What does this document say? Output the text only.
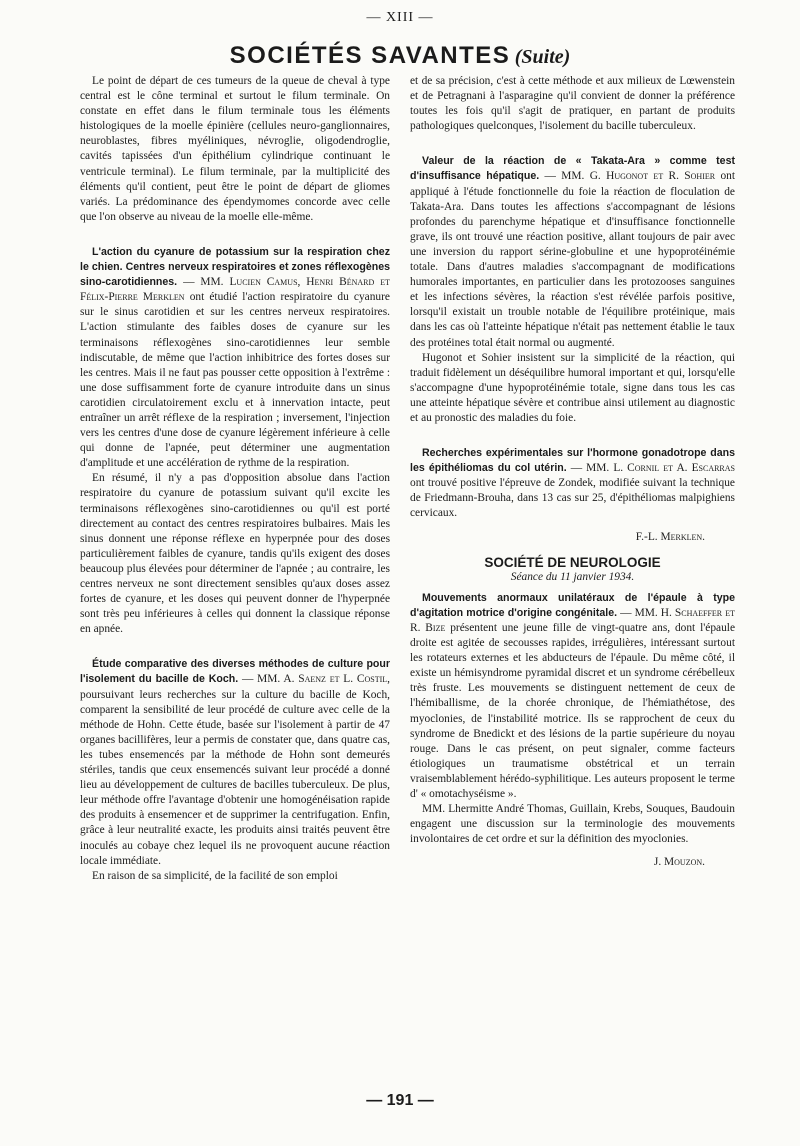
— XIII —
SOCIÉTÉS SAVANTES (Suite)

Le point de départ de ces tumeurs de la queue de cheval à type central est le cône terminal et surtout le filum terminale. On constate en effet dans le filum terminale tous les éléments histologiques de la moelle épinière (cellules neuro-ganglionnaires, neuroblastes, fibres myéliniques, névroglie, oligodendroglie, cavités tapissées d'un épithélium cylindrique continuant le ventricule terminal). Le filum terminale, par la multiplicité des éléments qu'il contient, peut être le point de départ de gliomes variés. La prédominance des épendymomes concorde avec celle que l'on observe au niveau de la moelle elle-même.

L'action du cyanure de potassium sur la respiration chez le chien. Centres nerveux respiratoires et zones réflexogènes sino-carotidiennes. — MM. Lucien Camus, Henri Bénard et Félix-Pierre Merklen ont étudié l'action respiratoire du cyanure sur le sinus carotidien et sur les centres nerveux respiratoires. L'action stimulante des faibles doses de cyanure sur les terminaisons réflexogènes sino-carotidiennes leur semble indiscutable, de même que l'action inhibitrice des fortes doses sur les centres. Mais il ne faut pas pousser cette opposition à l'extrême : une dose suffisamment forte de cyanure introduite dans un sinus carotidien circulatoirement exclu et à innervation intacte, peut entraîner un arrêt réflexe de la respiration ; inversement, l'injection vers les centres d'une dose de cyanure légèrement inférieure à celle qui donne de l'apnée, peut déterminer une augmentation d'amplitude et une accélération de rythme de la respiration.

En résumé, il n'y a pas d'opposition absolue dans l'action respiratoire du cyanure de potassium suivant qu'il excite les terminaisons réflexogènes sino-carotidiennes ou qu'il est porté directement au contact des centres respiratoires bulbaires. Mais les sinus donnent une réponse réflexe en hyperpnée pour des doses particulièrement faibles de cyanure, tandis qu'ils exigent des doses beaucoup plus élevées pour déterminer de l'apnée ; au contraire, les centres nerveux ne sont directement sensibles qu'aux doses assez fortes de cyanure, et les doses qui peuvent donner de l'hyperpnée sont très peu inférieures à celles qui donnent la classique réponse en apnée.

Étude comparative des diverses méthodes de culture pour l'isolement du bacille de Koch. — MM. A. Saenz et L. Costil, poursuivant leurs recherches sur la culture du bacille de Koch, comparent la sensibilité de leur procédé de culture avec celle de la méthode de Hohn. Cette étude, basée sur l'isolement à partir de 47 organes bacillifères, leur a permis de constater que, dans quatre cas, les tubes ensemencés par la méthode de Hohn sont demeurés stériles, tandis que ceux ensemencés suivant leur procédé a donné lieu au développement de cultures de bacilles tuberculeux. De plus, leur méthode offre l'avantage d'obtenir une homogénéisation rapide des produits à ensemencer et de supprimer la centrifugation. Enfin, grâce à leur neutralité exacte, les produits ainsi traités peuvent être inoculés au cobaye chez lequel ils ne provoquent aucune réaction locale immédiate.

En raison de sa simplicité, de la facilité de son emploi

et de sa précision, c'est à cette méthode et aux milieux de Lœwenstein et de Petragnani à l'asparagine qu'il convient de donner la préférence toutes les fois qu'il s'agit de pratiquer, en partant de produits pathologiques quelconques, l'isolement du bacille tuberculeux.

Valeur de la réaction de « Takata-Ara » comme test d'insuffisance hépatique. — MM. G. Hugonot et R. Sohier ont appliqué à l'étude fonctionnelle du foie la réaction de floculation de Takata-Ara. Dans toutes les affections s'accompagnant de lésions profondes du parenchyme hépatique et d'insuffisance fonctionnelle grave, ils ont trouvé une réaction positive, allant toujours de pair avec une inversion du rapport sérine-globuline et une hypoprotéinémie totale. Dans d'autres maladies s'accompagnant de modifications humorales importantes, en particulier dans les protozooses sanguines et les infections sévères, la réaction s'est révélée parfois positive, lorsqu'il existait un trouble notable de l'équilibre protéinique, mais dans les cas où l'atteinte hépatique n'était pas nettement établie le taux des protéines total était normal ou augmenté.

Hugonot et Sohier insistent sur la simplicité de la réaction, qui traduit fidèlement un déséquilibre humoral important et qui, lorsqu'elle s'accompagne d'une hypoprotéinémie totale, signe dans tous les cas une atteinte hépatique sévère et contribue ainsi utilement au diagnostic et au pronostic des maladies du foie.

Recherches expérimentales sur l'hormone gonadotrope dans les épithéliomas du col utérin. — MM. L. Cornil et A. Escarras ont trouvé positive l'épreuve de Zondek, modifiée suivant la technique de Friedmann-Brouha, dans 13 cas sur 25, d'épithéliomas malpighiens cervicaux.

F.-L. Merklen.
SOCIÉTÉ DE NEUROLOGIE
Séance du 11 janvier 1934.

Mouvements anormaux unilatéraux de l'épaule à type d'agitation motrice d'origine congénitale. — MM. H. Schaeffer et R. Bize présentent une jeune fille de vingt-quatre ans, dont l'épaule droite est agitée de secousses rapides, irrégulières, intéressant surtout les rotateurs externes et les abducteurs de l'épaule. Du même côté, il existe un hémisyndrome pyramidal discret et un syndrome cérébelleux très fruste. Les mouvements se distinguent nettement de ceux de l'hémiballisme, de la chorée chronique, de l'hémiathétose, des myoclonies, de l'instabilité motrice. Ils se rapprochent de ceux du syndrome de Bnedickt et des lésions de la partie supérieure du noyau rouge. Dans le cas présent, on peut signaler, comme facteurs étiologiques un traumatisme obstétrical et un terrain vraisemblablement hérédo-syphilitique. Les auteurs proposent le terme d' « omotachyséisme ».

MM. Lhermitte André Thomas, Guillain, Krebs, Souques, Baudouin engagent une discussion sur la terminologie des mouvements involontaires de cet ordre et sur la définition des myoclonies.

J. Mouzon.
— 191 —
